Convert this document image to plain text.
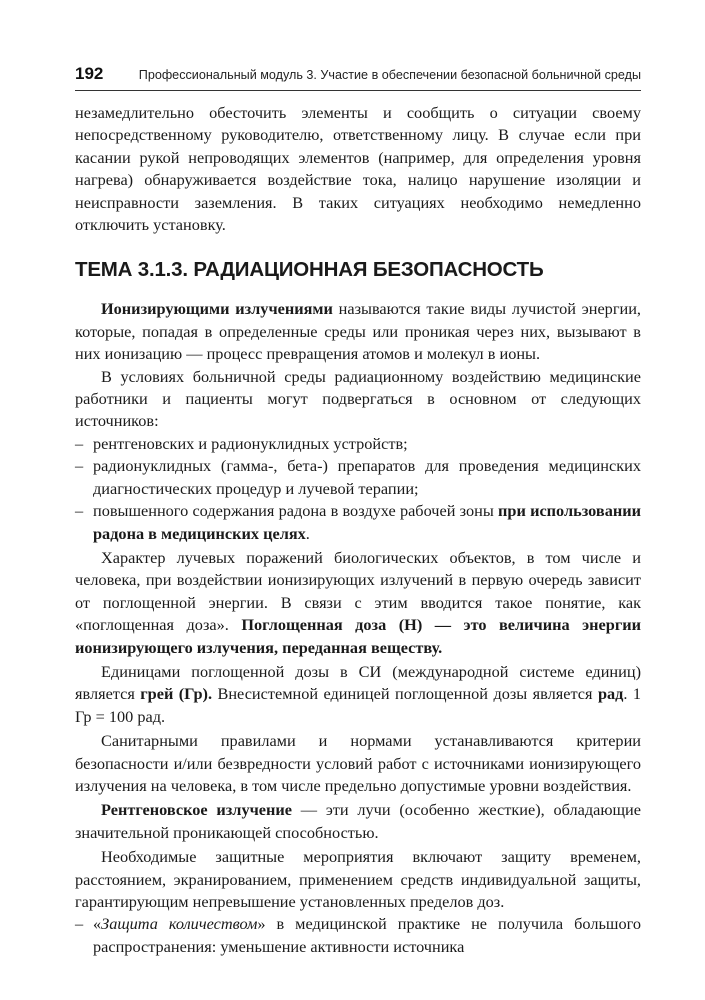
192	Профессиональный модуль 3. Участие в обеспечении безопасной больничной среды

незамедлительно обесточить элементы и сообщить о ситуации своему непосредственному руководителю, ответственному лицу. В случае если при касании рукой непроводящих элементов (например, для определения уровня нагрева) обнаруживается воздействие тока, налицо нарушение изоляции и неисправности заземления. В таких ситуациях необходимо немедленно отключить установку.

ТЕМА 3.1.3. РАДИАЦИОННАЯ БЕЗОПАСНОСТЬ

Ионизирующими излучениями называются такие виды лучистой энергии, которые, попадая в определенные среды или проникая через них, вызывают в них ионизацию — процесс превращения атомов и молекул в ионы.

В условиях больничной среды радиационному воздействию медицинские работники и пациенты могут подвергаться в основном от следующих источников:

– рентгеновских и радионуклидных устройств;
– радионуклидных (гамма-, бета-) препаратов для проведения медицинских диагностических процедур и лучевой терапии;
– повышенного содержания радона в воздухе рабочей зоны при использовании радона в медицинских целях.

Характер лучевых поражений биологических объектов, в том числе и человека, при воздействии ионизирующих излучений в первую очередь зависит от поглощенной энергии. В связи с этим вводится такое понятие, как «поглощенная доза». Поглощенная доза (Н) — это величина энергии ионизирующего излучения, переданная веществу.

Единицами поглощенной дозы в СИ (международной системе единиц) является грей (Гр). Внесистемной единицей поглощенной дозы является рад. 1 Гр = 100 рад.

Санитарными правилами и нормами устанавливаются критерии безопасности и/или безвредности условий работ с источниками ионизирующего излучения на человека, в том числе предельно допустимые уровни воздействия.

Рентгеновское излучение — эти лучи (особенно жесткие), обладающие значительной проникающей способностью.

Необходимые защитные мероприятия включают защиту временем, расстоянием, экранированием, применением средств индивидуальной защиты, гарантирующим непревышение установленных пределов доз.

– «Защита количеством» в медицинской практике не получила большого распространения: уменьшение активности источника
